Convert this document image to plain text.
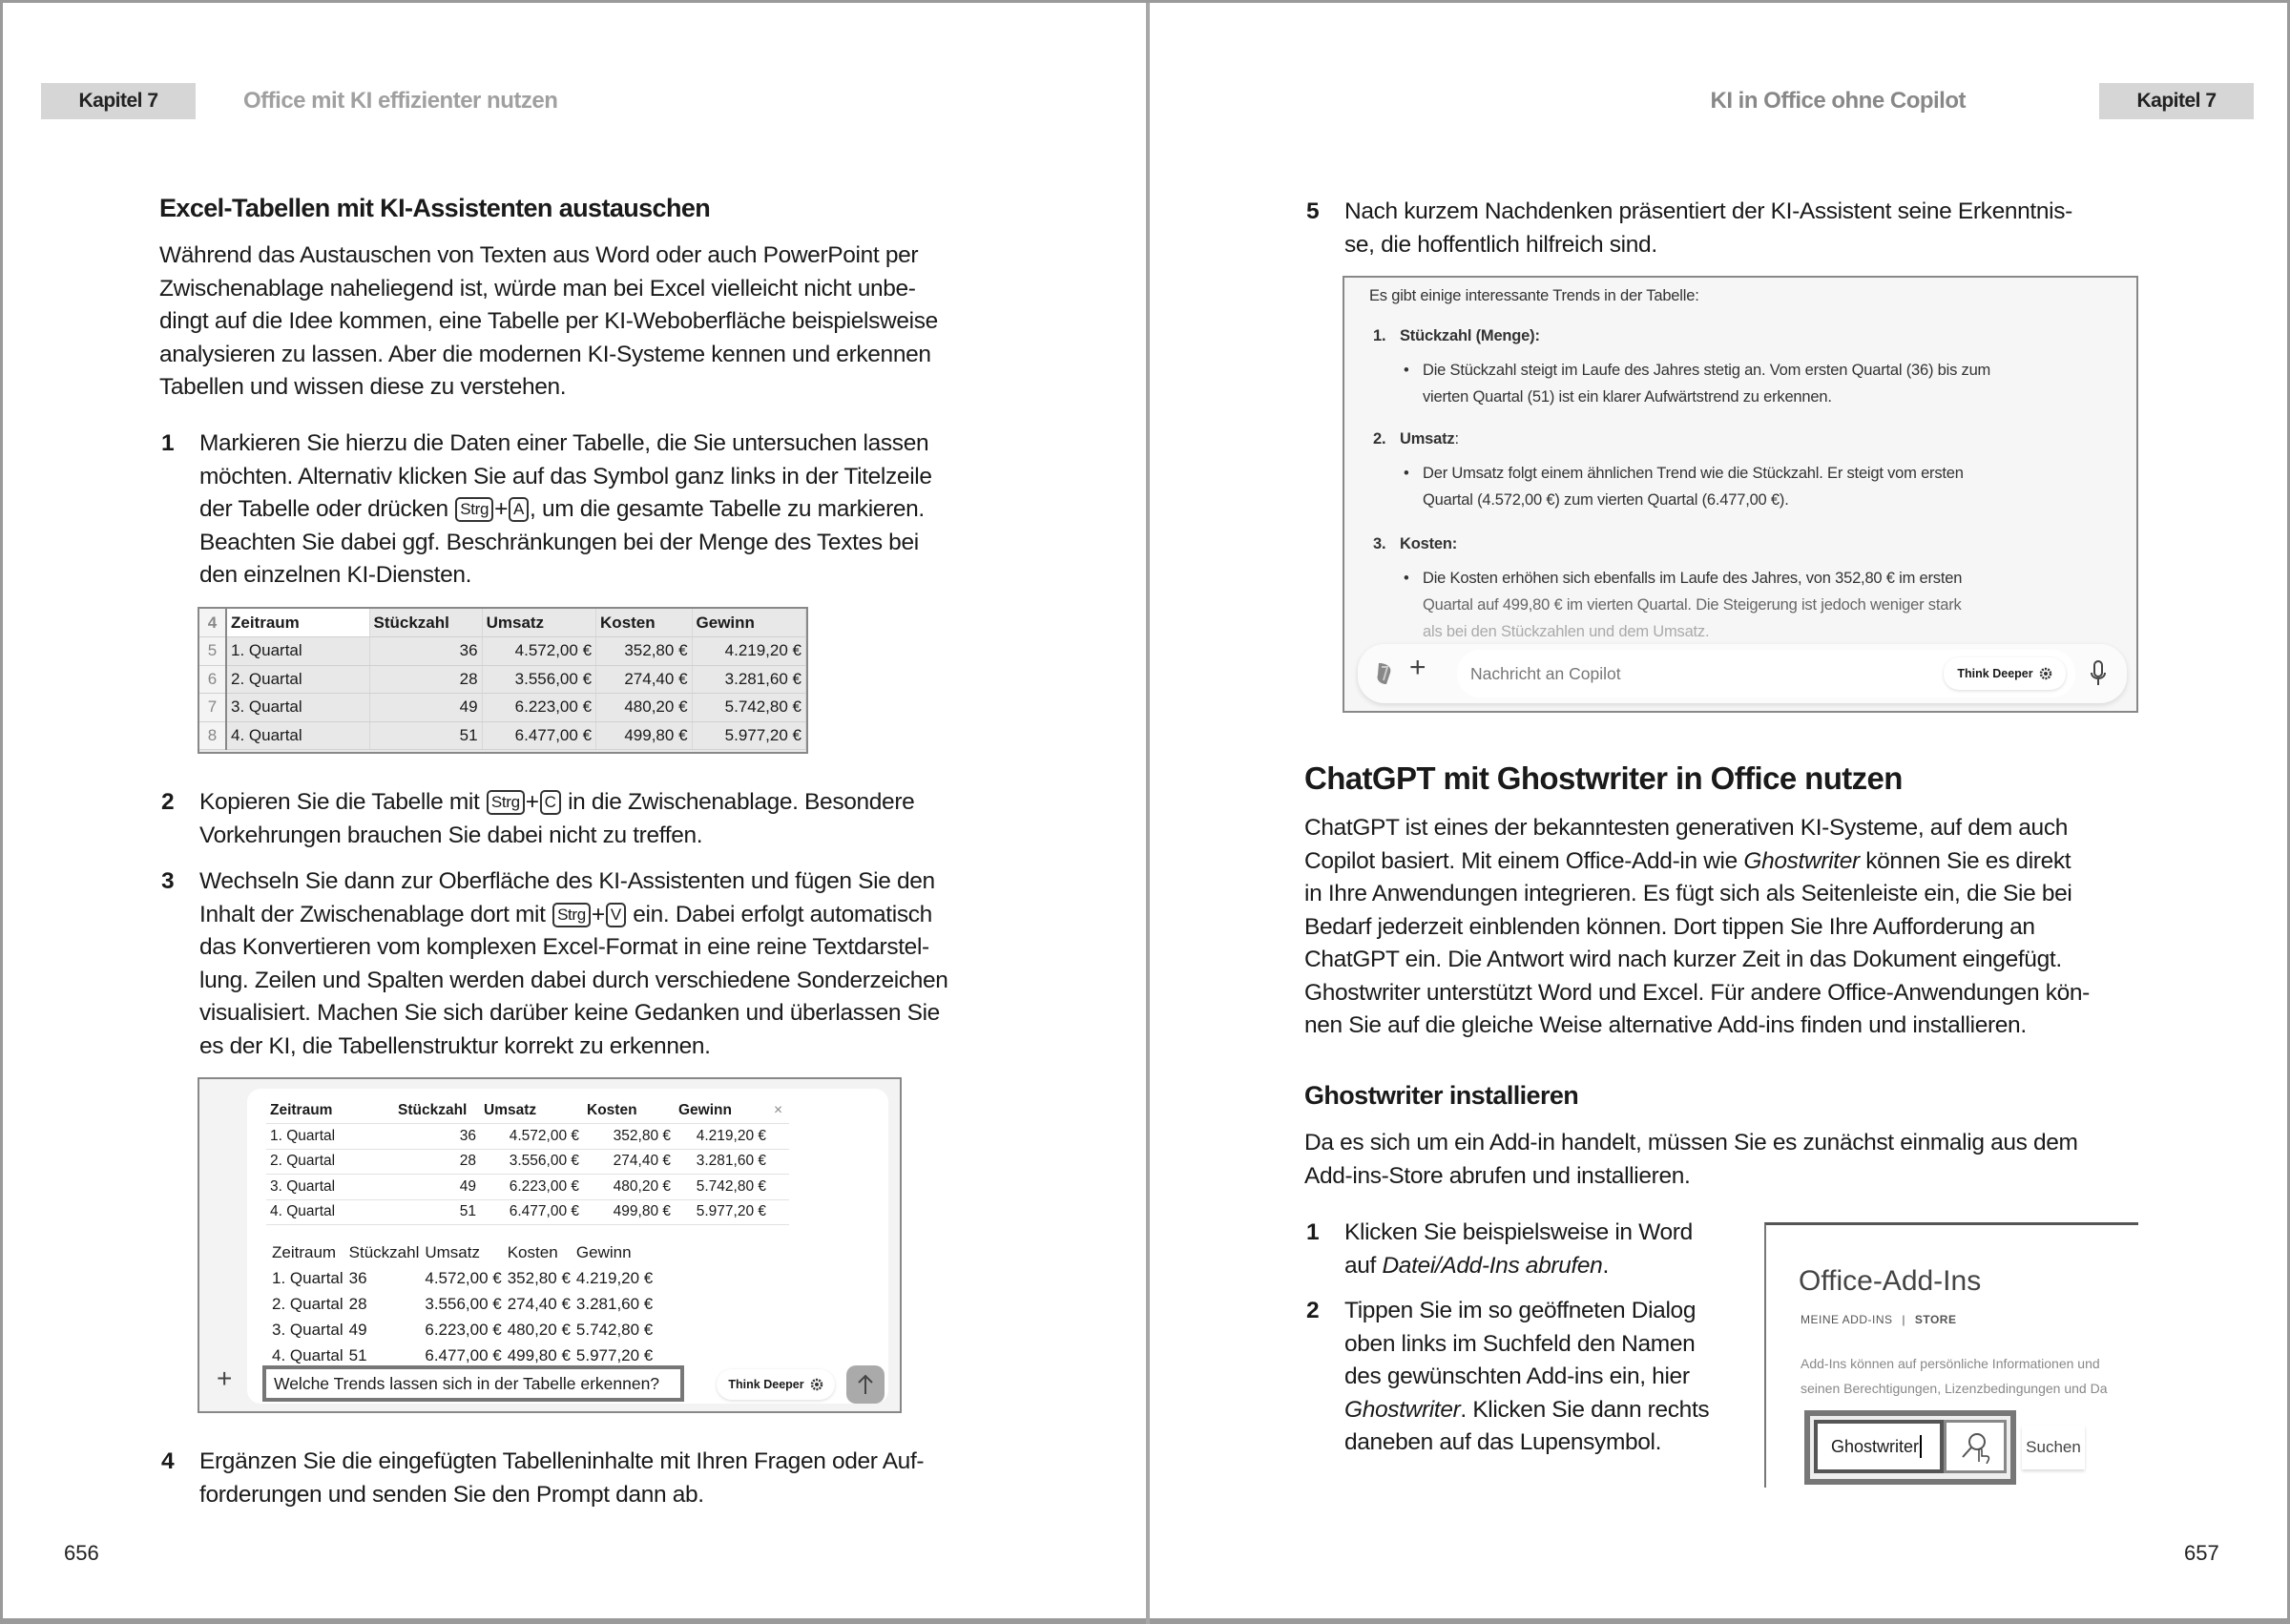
Kapitel
7	Office mit KI effizienter nutzen
Excel-Tabellen mit KI-Assistenten austauschen
Während das Austauschen von Texten aus Word oder auch PowerPoint per
Zwischenablage naheliegend ist, würde man bei Excel vielleicht nicht unbe-
dingt auf die Idee kommen, eine Tabelle per KI-Weboberfläche beispielsweise
analysieren zu lassen. Aber die modernen KI-Systeme kennen und erkennen
Tabellen und wissen diese zu verstehen.
1 Markieren Sie hierzu die Daten einer Tabelle, die Sie untersuchen lassen
möchten. Alternativ klicken Sie auf das Symbol ganz links in der Titelzeile
der Tabelle oder drücken Strg + A , um die gesamte Tabelle zu markieren.
Beachten Sie dabei ggf. Beschränkungen bei der Menge des Textes bei
den einzelnen KI-Diensten.
4	Zeitraum	Stückzahl	Umsatz	Kosten	Gewinn
5	1. Quartal	36	4.572,00 €	352,80 €	4.219,20 €
6	2. Quartal	28	3.556,00 €	274,40 €	3.281,60 €
7	3. Quartal	49	6.223,00 €	480,20 €	5.742,80 €
8	4. Quartal	51	6.477,00 €	499,80 €	5.977,20 €
2 Kopieren Sie die Tabelle mit Strg + C in die Zwischenablage. Besondere
Vorkehrungen brauchen Sie dabei nicht zu treffen.
3 Wechseln Sie dann zur Oberfläche des KI-Assistenten und fügen Sie den
Inhalt der Zwischenablage dort mit Strg + V ein. Dabei erfolgt automatisch
das Konvertieren vom komplexen Excel-Format in eine reine Textdarstel-
lung. Zeilen und Spalten werden dabei durch verschiedene Sonderzeichen
visualisiert. Machen Sie sich darüber keine Gedanken und überlassen Sie
es der KI, die Tabellenstruktur korrekt zu erkennen.
Zeitraum	Stückzahl	Umsatz	Kosten	Gewinn	×
1. Quartal	36	4.572,00 €	352,80 €	4.219,20 €	
2. Quartal	28	3.556,00 €	274,40 €	3.281,60 €	
3. Quartal	49	6.223,00 €	480,20 €	5.742,80 €	
4. Quartal	51	6.477,00 €	499,80 €	5.977,20 €	
Zeitraum	Stückzahl	Umsatz	Kosten	Gewinn
1. Quartal	36	4.572,00 €	352,80 €	4.219,20 €
2. Quartal	28	3.556,00 €	274,40 €	3.281,60 €
3. Quartal	49	6.223,00 €	480,20 €	5.742,80 €
4. Quartal	51	6.477,00 €	499,80 €	5.977,20 €
+	Welche Trends lassen sich in der Tabelle erkennen?	Think Deeper
4 Ergänzen Sie die eingefügten Tabelleninhalte mit Ihren Fragen oder Auf-
forderungen und senden Sie den Prompt dann ab.
656
KI in Office ohne Copilot	Kapitel
7
5 Nach kurzem Nachdenken präsentiert der KI-Assistent seine Erkenntnis-
se, die hoffentlich hilfreich sind.
Es gibt einige interessante Trends in der Tabelle:
1. Stückzahl (Menge):
• Die Stückzahl steigt im Laufe des Jahres stetig an. Vom ersten Quartal (36) bis zum
vierten Quartal (51) ist ein klarer Aufwärtstrend zu erkennen.
2. Umsatz:
• Der Umsatz folgt einem ähnlichen Trend wie die Stückzahl. Er steigt vom ersten
Quartal (4.572,00 €) zum vierten Quartal (6.477,00 €).
3. Kosten:
• Die Kosten erhöhen sich ebenfalls im Laufe des Jahres, von 352,80 € im ersten
Quartal auf 499,80 € im vierten Quartal. Die Steigerung ist jedoch weniger stark
als bei den Stückzahlen und dem Umsatz.
+	Nachricht an Copilot	Think Deeper
ChatGPT mit Ghostwriter in Office nutzen
ChatGPT ist eines der bekanntesten generativen KI-Systeme, auf dem auch
Copilot basiert. Mit einem Office-Add-in wie Ghostwriter können Sie es direkt
in Ihre Anwendungen integrieren. Es fügt sich als Seitenleiste ein, die Sie bei
Bedarf jederzeit einblenden können. Dort tippen Sie Ihre Aufforderung an
ChatGPT ein. Die Antwort wird nach kurzer Zeit in das Dokument eingefügt.
Ghostwriter unterstützt Word und Excel. Für andere Office-Anwendungen kön-
nen Sie auf die gleiche Weise alternative Add-ins finden und installieren.
Ghostwriter installieren
Da es sich um ein Add-in handelt, müssen Sie es zunächst einmalig aus dem
Add-ins-Store abrufen und installieren.
1 Klicken Sie beispielsweise in Word
auf Datei/Add-Ins abrufen.
2 Tippen Sie im so geöffneten Dialog
oben links im Suchfeld den Namen
des gewünschten Add-ins ein, hier
Ghostwriter. Klicken Sie dann rechts
daneben auf das Lupensymbol.
Office-Add-Ins
MEINE ADD-INS | STORE
Add-Ins können auf persönliche Informationen und
seinen Berechtigungen, Lizenzbedingungen und Da
Ghostwriter	Suchen
657
